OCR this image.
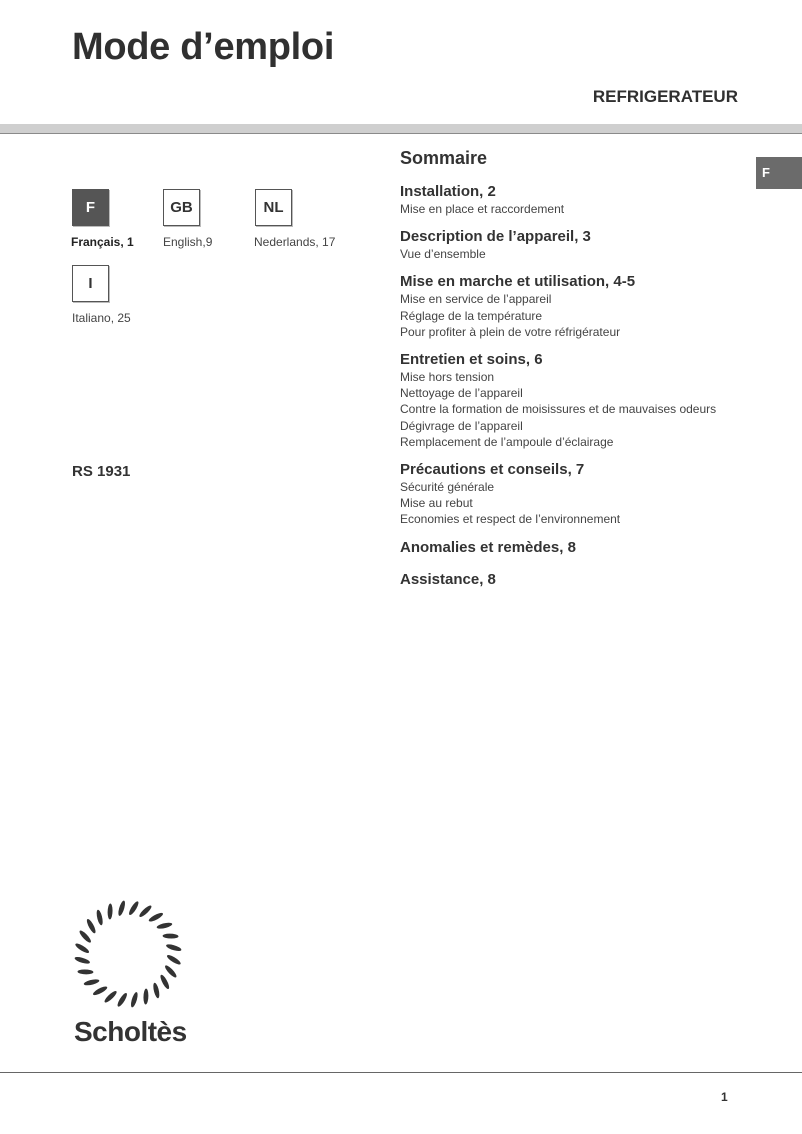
Mode d’emploi
REFRIGERATEUR
F
F	GB	NL
I
Français, 1 English,9	Nederlands, 17
Italiano, 25
RS 1931
Sommaire
Installation, 2
Mise en place et raccordement
Description de l’appareil, 3
Vue d’ensemble
Mise en marche et utilisation, 4-5
Mise en service de l’appareil
Réglage de la température
Pour profiter à plein de votre réfrigérateur
Entretien et soins, 6
Mise hors tension
Nettoyage de l’appareil
Contre la formation de moisissures et de mauvaises odeurs
Dégivrage de l’appareil
Remplacement de l’ampoule d’éclairage
Précautions et conseils, 7
Sécurité générale
Mise au rebut
Economies et respect de l’environnement
Anomalies et remèdes, 8
Assistance, 8
Scholtès
1
